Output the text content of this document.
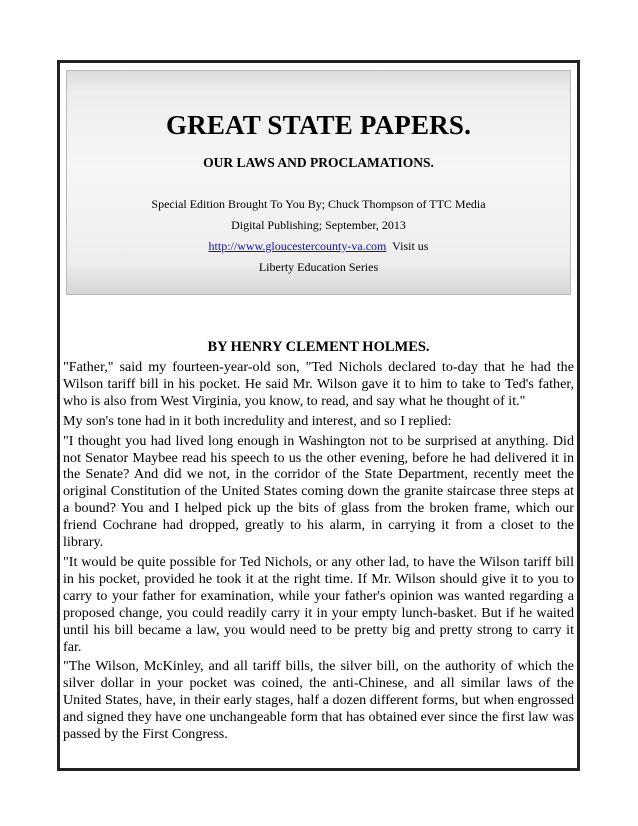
GREAT STATE PAPERS.
OUR LAWS AND PROCLAMATIONS.
Special Edition Brought To You By; Chuck Thompson of TTC Media
Digital Publishing; September, 2013
http://www.gloucestercounty-va.com Visit us
Liberty Education Series
BY HENRY CLEMENT HOLMES.

"Father," said my fourteen-year-old son, "Ted Nichols declared to-day that he had the Wilson tariff bill in his pocket. He said Mr. Wilson gave it to him to take to Ted's father, who is also from West Virginia, you know, to read, and say what he thought of it."

My son's tone had in it both incredulity and interest, and so I replied:

"I thought you had lived long enough in Washington not to be surprised at anything. Did not Senator Maybee read his speech to us the other evening, before he had delivered it in the Senate? And did we not, in the corridor of the State Department, recently meet the original Constitution of the United States coming down the granite staircase three steps at a bound? You and I helped pick up the bits of glass from the broken frame, which our friend Cochrane had dropped, greatly to his alarm, in carrying it from a closet to the library.

"It would be quite possible for Ted Nichols, or any other lad, to have the Wilson tariff bill in his pocket, provided he took it at the right time. If Mr. Wilson should give it to you to carry to your father for examination, while your father's opinion was wanted regarding a proposed change, you could readily carry it in your empty lunch-basket. But if he waited until his bill became a law, you would need to be pretty big and pretty strong to carry it far.

"The Wilson, McKinley, and all tariff bills, the silver bill, on the authority of which the silver dollar in your pocket was coined, the anti-Chinese, and all similar laws of the United States, have, in their early stages, half a dozen different forms, but when engrossed and signed they have one unchangeable form that has obtained ever since the first law was passed by the First Congress.
